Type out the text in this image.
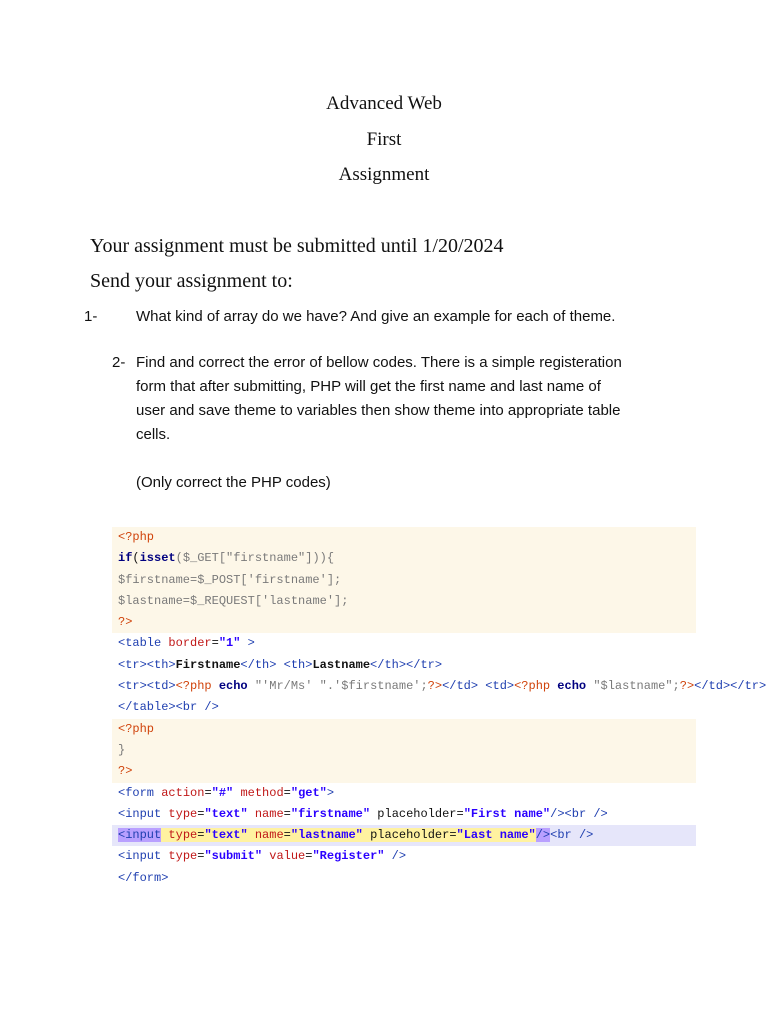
Advanced Web
First
Assignment
Your assignment must be submitted until 1/20/2024
Send your assignment to:
1-	What kind of array do we have? And give an example for each of theme.
2- Find and correct the error of bellow codes. There is a simple registeration
form that after submitting, PHP will get the first name and last name of
user and save theme to variables then show theme into appropriate table
cells.
(Only correct the PHP codes)
<?php
if(isset($_GET["firstname"])){
$firstname=$_POST['firstname'];
$lastname=$_REQUEST['lastname'];
?>
<table border="1" >
<tr><th>Firstname</th> <th>Lastname</th></tr>
<tr><td><?php echo "'Mr/Ms' ".'$firstname';?></td> <td><?php echo "$lastname";?></td></tr>
</table><br />
<?php
}
?>
<form action="#" method="get">
<input type="text" name="firstname" placeholder="First name"/><br />
<input type="text" name="lastname" placeholder="Last name"/><br />
<input type="submit" value="Register" />
</form>
